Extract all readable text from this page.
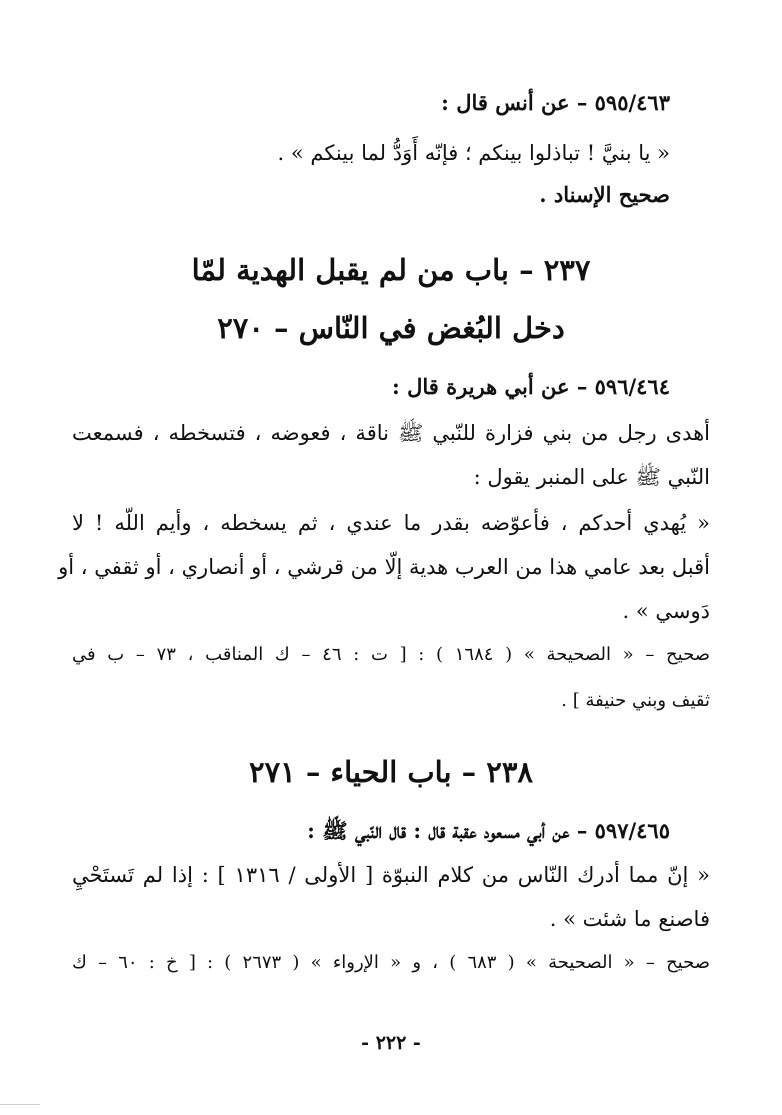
٥٩٥/٤٦٣ – عن أنس قال :
« يا بنيَّ ! تباذلوا بينكم ؛ فإنّه أَوَدُّ لما بينكم » .
صحيح الإسناد .
٢٣٧ – باب من لم يقبل الهدية لمّا
دخل البُغض في النّاس – ٢٧٠
٥٩٦/٤٦٤ – عن أبي هريرة قال :
أهدى رجل من بني فزارة للنّبي ﷺ ناقة ، فعوضه ، فتسخطه ، فسمعت
النّبي ﷺ على المنبر يقول :
« يُهدي أحدكم ، فأعوّضه بقدر ما عندي ، ثم يسخطه ، وأيم اللّه ! لا
أقبل بعد عامي هذا من العرب هدية إلّا من قرشي ، أو أنصاري ، أو ثقفي ، أو
دَوسي » .
صحيح – « الصحيحة » ( ١٦٨٤ ) : [ ت : ٤٦ – ك المناقب ، ٧٣ – ب في
ثقيف وبني حنيفة ] .
٢٣٨ – باب الحياء – ٢٧١
٥٩٧/٤٦٥ – عن أبي مسعود عقبة قال : قال النّبي ﷺ :
« إنّ مما أدرك النّاس من كلام النبوّة [ الأولى / ١٣١٦ ] : إذا لم تَستَحْيِ
فاصنع ما شئت » .
صحيح – « الصحيحة » ( ٦٨٣ ) ، و « الإرواء » ( ٢٦٧٣ ) : [ خ : ٦٠ – ك
- ٢٢٢ -
